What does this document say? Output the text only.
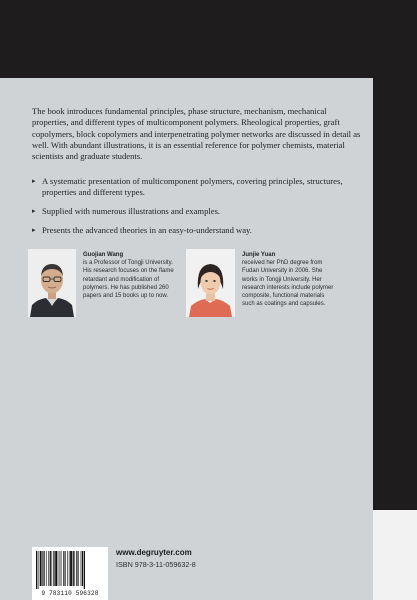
The book introduces fundamental principles, phase structure, mechanism, mechanical properties, and different types of multicomponent polymers. Rheological properties, graft copolymers, block copolymers and interpenetrating polymer networks are discussed in detail as well. With abundant illustrations, it is an essential reference for polymer chemists, material scientists and graduate students.

▸ A systematic presentation of multicomponent polymers, covering principles, structures, properties and different types.
▸ Supplied with numerous illustrations and examples.
▸ Presents the advanced theories in an easy-to-understand way.
Guojian Wang

is a Professor of Tongji University. His research focuses on the flame retardant and modification of polymers. He has published 260 papers and 15 books up to now.

Junjie Yuan

received her PhD degree from Fudan University in 2006. She works in Tongji University. Her research interests include polymer composite, functional materials such as coatings and capsules.

9 783110 596328
www.degruyter.com
ISBN 978-3-11-059632-8
